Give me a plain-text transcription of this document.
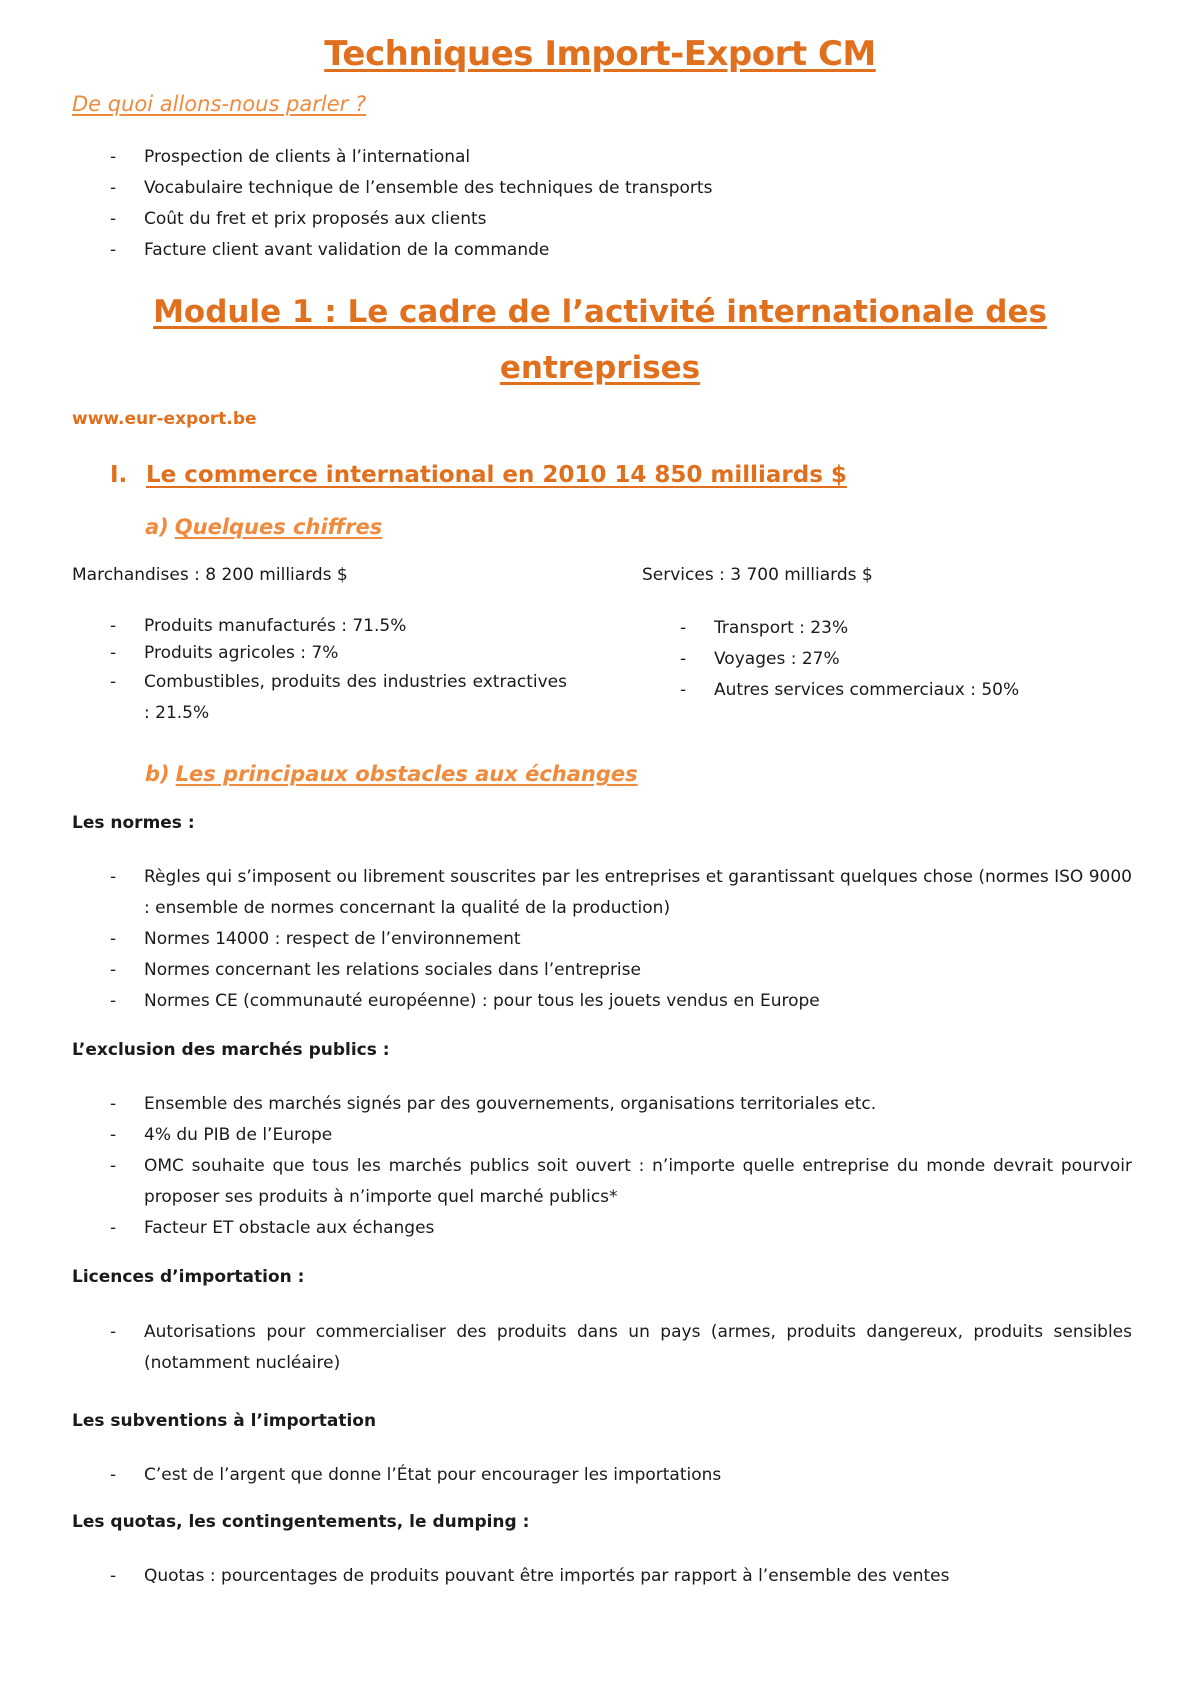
Techniques Import-Export CM

De quoi allons-nous parler ?

- Prospection de clients à l’international
- Vocabulaire technique de l’ensemble des techniques de transports
- Coût du fret et prix proposés aux clients
- Facture client avant validation de la commande
Module 1 : Le cadre de l’activité internationale des
entreprises

www.eur-export.be

I. Le commerce international en 2010 14 850 milliards $
a) Quelques chiffres

Marchandises : 8 200 milliards $

- Produits manufacturés : 71.5%
- Produits agricoles : 7%
- Combustibles, produits des industries extractives : 21.5%

Services : 3 700 milliards $

- Transport : 23%
- Voyages : 27%
- Autres services commerciaux : 50%
b) Les principaux obstacles aux échanges

Les normes :

- Règles qui s’imposent ou librement souscrites par les entreprises et garantissant quelques chose (normes ISO 9000 : ensemble de normes concernant la qualité de la production)
- Normes 14000 : respect de l’environnement
- Normes concernant les relations sociales dans l’entreprise
- Normes CE (communauté européenne) : pour tous les jouets vendus en Europe

L’exclusion des marchés publics :

- Ensemble des marchés signés par des gouvernements, organisations territoriales etc.
- 4% du PIB de l’Europe
- OMC souhaite que tous les marchés publics soit ouvert : n’importe quelle entreprise du monde devrait pourvoir proposer ses produits à n’importe quel marché publics*
- Facteur ET obstacle aux échanges

Licences d’importation :

- Autorisations pour commercialiser des produits dans un pays (armes, produits dangereux, produits sensibles (notamment nucléaire)

Les subventions à l’importation

- C’est de l’argent que donne l’État pour encourager les importations

Les quotas, les contingentements, le dumping :

- Quotas : pourcentages de produits pouvant être importés par rapport à l’ensemble des ventes
